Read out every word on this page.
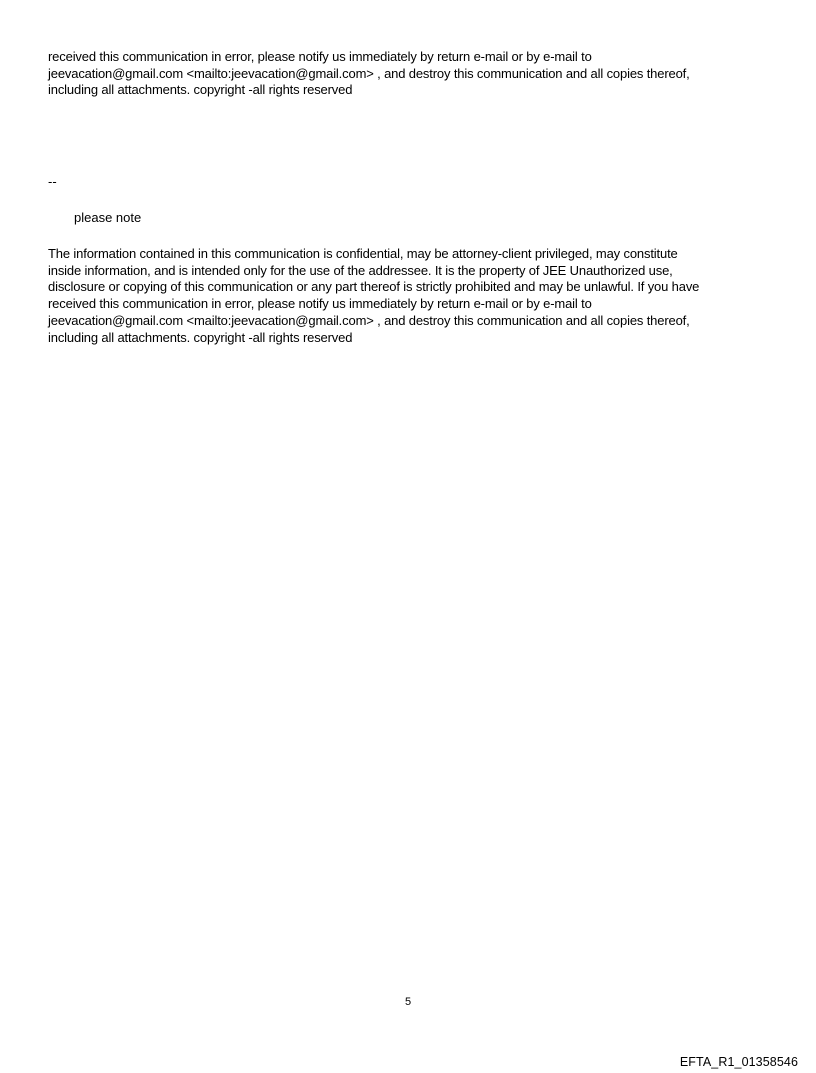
received this communication in error, please notify us immediately by return e-mail or by e-mail to

jeevacation@gmail.com <mailto:jeevacation@gmail.com> , and destroy this communication and all copies thereof,

including all attachments. copyright -all rights reserved

--
please note

The information contained in this communication is confidential, may be attorney-client privileged, may constitute

inside information, and is intended only for the use of the addressee. It is the property of JEE Unauthorized use,

disclosure or copying of this communication or any part thereof is strictly prohibited and may be unlawful. If you have

received this communication in error, please notify us immediately by return e-mail or by e-mail to

jeevacation@gmail.com <mailto:jeevacation@gmail.com> , and destroy this communication and all copies thereof,

including all attachments. copyright -all rights reserved

5
EFTA_R1_01358546
